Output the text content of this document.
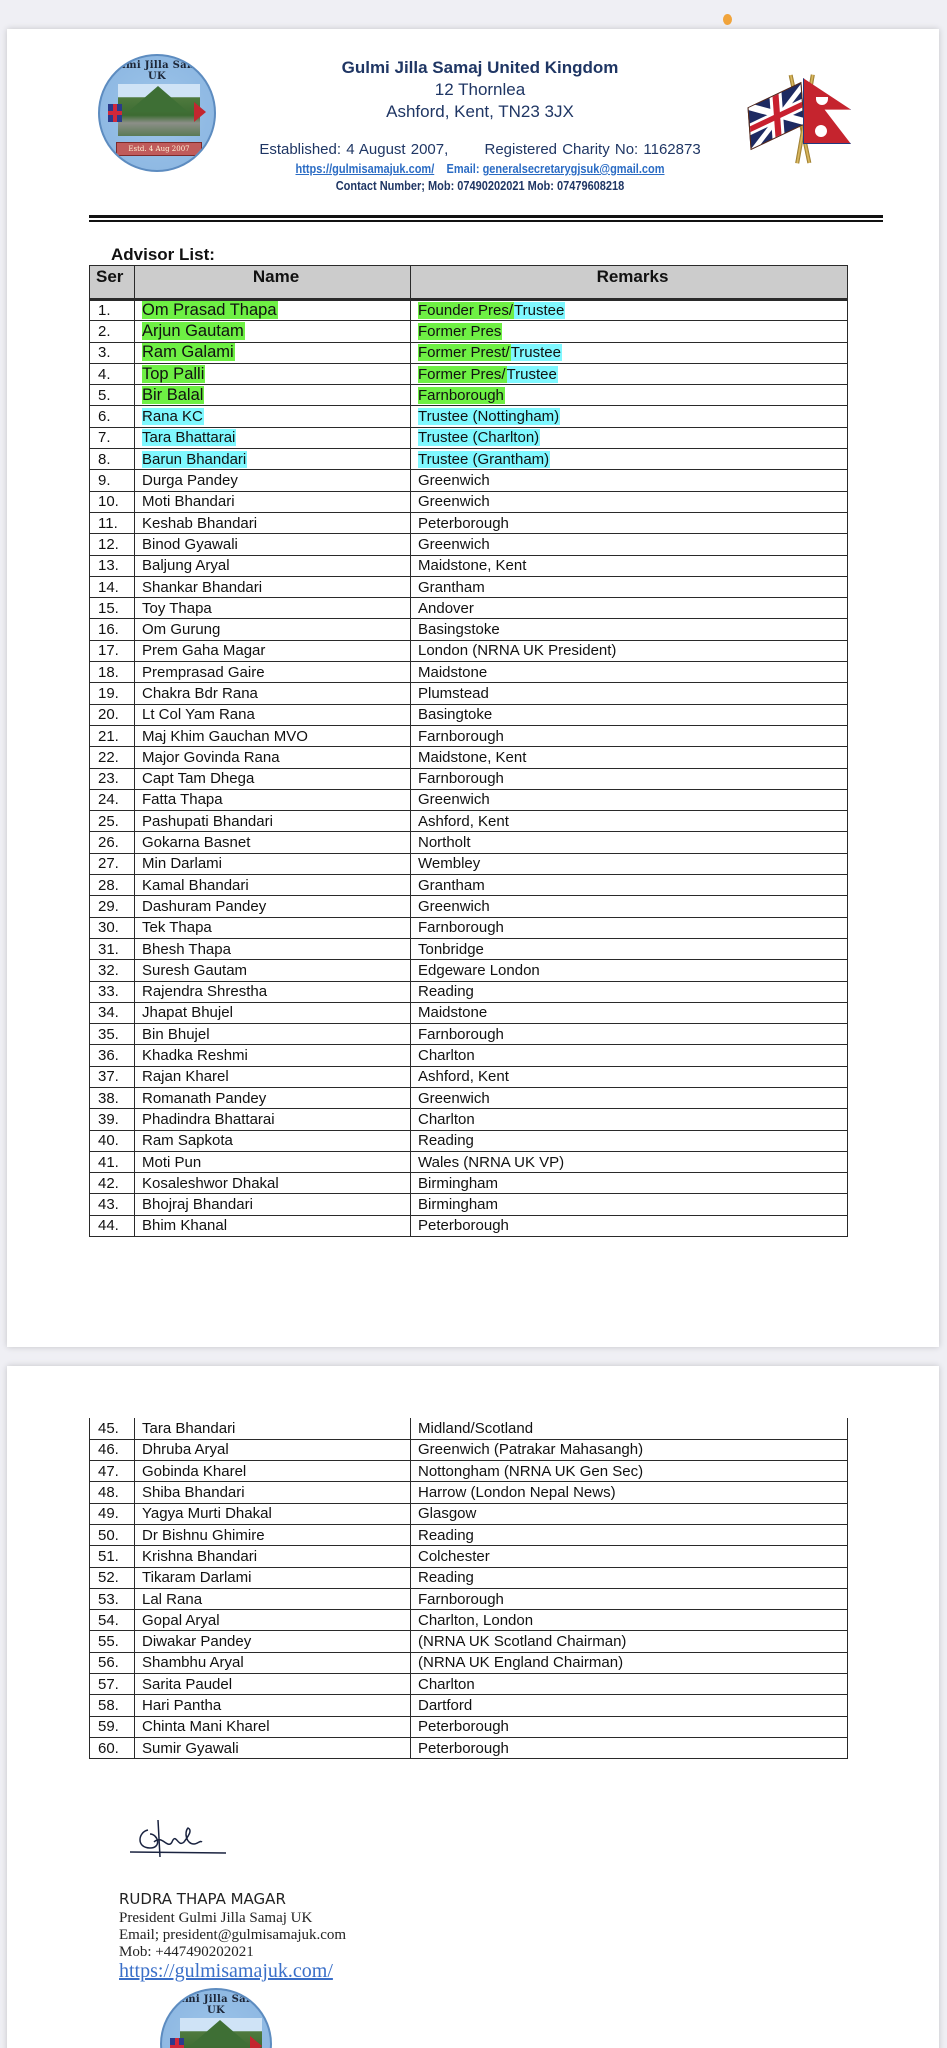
Gulmi Jilla Samaj UK
Estd. 4 Aug 2007
Gulmi Jilla Samaj United Kingdom
12 Thornlea
Ashford, Kent, TN23 3JX
Established: 4 August 2007, Registered Charity No: 1162873
https://gulmisamajuk.com/ Email: generalsecretarygjsuk@gmail.com
Contact Number; Mob: 07490202021 Mob: 07479608218
Advisor List:
Ser	Name	Remarks
1.	Om Prasad Thapa	Founder Pres/Trustee
2.	Arjun Gautam	Former Pres
3.	Ram Galami	Former Prest/Trustee
4.	Top Palli	Former Pres/Trustee
5.	Bir Balal	Farnborough
6.	Rana KC	Trustee (Nottingham)
7.	Tara Bhattarai	Trustee (Charlton)
8.	Barun Bhandari	Trustee (Grantham)
9.	Durga Pandey	Greenwich
10.	Moti Bhandari	Greenwich
11.	Keshab Bhandari	Peterborough
12.	Binod Gyawali	Greenwich
13.	Baljung Aryal	Maidstone, Kent
14.	Shankar Bhandari	Grantham
15.	Toy Thapa	Andover
16.	Om Gurung	Basingstoke
17.	Prem Gaha Magar	London (NRNA UK President)
18.	Premprasad Gaire	Maidstone
19.	Chakra Bdr Rana	Plumstead
20.	Lt Col Yam Rana	Basingtoke
21.	Maj Khim Gauchan MVO	Farnborough
22.	Major Govinda Rana	Maidstone, Kent
23.	Capt Tam Dhega	Farnborough
24.	Fatta Thapa	Greenwich
25.	Pashupati Bhandari	Ashford, Kent
26.	Gokarna Basnet	Northolt
27.	Min Darlami	Wembley
28.	Kamal Bhandari	Grantham
29.	Dashuram Pandey	Greenwich
30.	Tek Thapa	Farnborough
31.	Bhesh Thapa	Tonbridge
32.	Suresh Gautam	Edgeware London
33.	Rajendra Shrestha	Reading
34.	Jhapat Bhujel	Maidstone
35.	Bin Bhujel	Farnborough
36.	Khadka Reshmi	Charlton
37.	Rajan Kharel	Ashford, Kent
38.	Romanath Pandey	Greenwich
39.	Phadindra Bhattarai	Charlton
40.	Ram Sapkota	Reading
41.	Moti Pun	Wales (NRNA UK VP)
42.	Kosaleshwor Dhakal	Birmingham
43.	Bhojraj Bhandari	Birmingham
44.	Bhim Khanal	Peterborough
45.	Tara Bhandari	Midland/Scotland
46.	Dhruba Aryal	Greenwich (Patrakar Mahasangh)
47.	Gobinda Kharel	Nottongham (NRNA UK Gen Sec)
48.	Shiba Bhandari	Harrow (London Nepal News)
49.	Yagya Murti Dhakal	Glasgow
50.	Dr Bishnu Ghimire	Reading
51.	Krishna Bhandari	Colchester
52.	Tikaram Darlami	Reading
53.	Lal Rana	Farnborough
54.	Gopal Aryal	Charlton, London
55.	Diwakar Pandey	(NRNA UK Scotland Chairman)
56.	Shambhu Aryal	(NRNA UK England Chairman)
57.	Sarita Paudel	Charlton
58.	Hari Pantha	Dartford
59.	Chinta Mani Kharel	Peterborough
60.	Sumir Gyawali	Peterborough
RUDRA THAPA MAGAR
President Gulmi Jilla Samaj UK
Email; president@gulmisamajuk.com
Mob: +447490202021
https://gulmisamajuk.com/
Gulmi Jilla Samaj UK
